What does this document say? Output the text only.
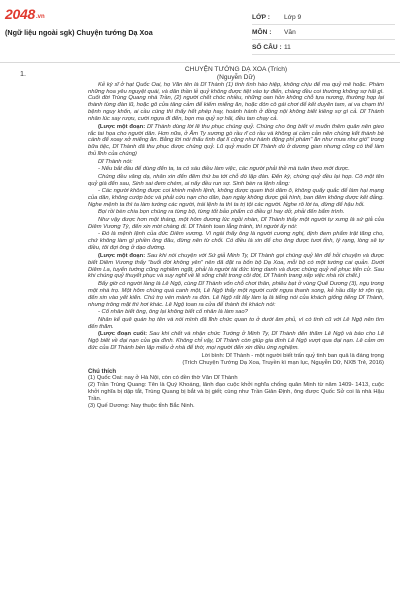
2048 .vn
(Ngữ liệu ngoài sgk) Chuyện tướng Dạ Xoa
LỚP :	Lớp 9
MÔN :	Văn
SỐ CÂU : 11
1.	CHUYỆN TƯỚNG DẠ XOA (Trích)
(Nguyễn Dữ)
Kẻ kỳ sĩ ở hạt Quốc Oai, họ Văn tên là Dĩ Thành (1) tính tình hào hiệp, không chịu để ma quỷ mê hoặc. Phàm những hoa yêu nguyệt quái, và dân thần lẻ quỷ không được tiệt vào tự điển, chàng đều coi thường không sợ hãi gì. Cuối đời Trùng Quang nhà Trần, (2) người chết chóc nhiều, những oan hồn không chỗ tựa nương, thường họp lại thành từng đàn lũ, hoặc gõ cửa tâng cảm để kiếm miếng ăn, hoặc đón cô gái chơi để kết duyên tam, ai va chạm thì bệnh nguy khốn, ai cầu cúng thì thấy hết phép hay, hoành hành ở đồng nội không biết kiêng sợ gì cả. Dĩ Thành nhân lúc say rượu, cười ngựa đi đến, bọn ma quỷ sợ hãi, đều tan chạy cả.
(Lược một đoạn: Dĩ Thành dùng lời lẽ thu phục chúng quỷ. Chúng cho ông biết vì muốn thêm quân nên gieo rắc tai họa cho người dân. Hơn nữa, ở Âm Ty xương gò rầu rĩ có rầu và không ai cầm cản nên chúng kết thành bè cánh để xoay xở miếng ăn. Bằng lời nói thấu tình đạt lí cộng như hành động phỉ phám" ăn như mưa như gió" trong bữa tiệc, Dĩ Thành đã thu phục được chúng quỷ. Lũ quỷ muốn Dĩ Thành dù ở dương gian nhưng cũng có thể làm thủ lĩnh của chúng)
Dĩ Thành nói:
- Nếu bắt đầu để dùng đến ta, ta có sáu điều làm việc, các người phải thề mà tuân theo mới được.
Chúng đều vâng dạ, nhân xin đến đêm thứ ba tới chỗ đó lập đàn. Đến kỳ, chúng quỷ đều lại họp. Cô một tên quỷ già đến sau, Sinh sai đem chém, ai nấy đều run sợ. Sinh bèn ra lệnh rằng:
- Các người không được coi khinh mệnh lệnh, không được quen thói dâm ô, không quấy quắc để làm hại mạng của dân, không cướp bóc và phải cứu nạn cho dân, bạn ngày không được giả hình, ban đêm không được kết đảng. Nghe mệnh ta thì ta làm tướng các người, trái lệnh ta thì ta trị tội các người. Nghe rõ lời ta, đừng để hậu hối.
Bọi rồi bèn chia bọn chúng ra từng bộ, từng tốt bảo phẩm có điều gì hay dở, phải đến bẩm trình.
Như vậy được hơn một tháng, một hôm đương lúc ngồi nhàn, Dĩ Thành thấy một người tự xưng là sứ giả của Diêm Vương Tỳ, đến xin mời chàng đi. Dĩ Thành toan lẳng tránh, thì người ấy nói:
- Đó là mệnh lệnh của đức Diêm vương. Vì ngài thấy ông là người cương nghị, định đem phẩm trật tăng cho, chứ không làm gì phiền ông đâu, đừng nên từ chối. Có điều là xin để cho ông được tươi tỉnh, lý rạng, lòng sẽ tự điều, tôi đợi ông ở dạo đường.
(Lược một đoạn: Sau khi nói chuyện với Sứ giả Minh Ty, Dĩ Thành gọi chúng quỷ lên để hỏi chuyện và được biết Diêm Vương thấy "buổi đời không yên" nên đã đặt ra bốn bộ Dạ Xoa, mỗi bộ có một tướng cai quản. Dưới Diêm La, tuyển tướng cũng nghiêm ngặt, phải là người tài đức từng danh và được chúng quỷ nể phục tiến cử. Sau khi chúng quỷ thuyết phục và suy nghĩ về lẽ sống chết trong cõi đời, Dĩ Thành trang xếp việc nhà rồi chết.)
Bấy giờ có người làng là Lê Ngộ, cùng Dĩ Thành vốn chỗ chơi thân, phiêu bạt ở vùng Quế Dương (3), ngụ trong một nhà trọ. Một hôm chúng quá canh một, Lê Ngộ thấy một người cưỡi ngựa thanh song, kẻ hầu đây tớ rộn rịp, đến xin vào yết kiến. Chú trọ vén mành ra đón. Lê Ngộ rất lấy làm lạ là tiếng nói của khách giống tiếng Dĩ Thành, nhưng trông mặt thì hơi khác. Lê Ngộ toan ra cửa để thành thì khách nói:
- Cố nhân biết ông, ông lại không biết cố nhân là làm sao?
Nhân kể quê quán họ tên và nói mình đã lĩnh chức quan to ở dưới âm phủ, vì có tình cũ với Lê Ngộ nên tìm đến thăm.
(Lược đoạn cuối: Sau khi chết và nhận chức Tướng ở Minh Ty, Dĩ Thành đến thăm Lê Ngộ và báo cho Lê Ngộ biết về đại nạn của gia đình. Không chỉ vậy, Dĩ Thành còn giúp gia đình Lê Ngộ vượt qua đại nạn. Lê cảm ơn đức của Dĩ Thành bèn lập miếu ở nhà để thờ, mọi người đến xin điều ứng nghiệm.
Lời bình: Dĩ Thành - một người biết trấn quỷ tinh ban quả là đáng trọng
(Trích Chuyện Tướng Dạ Xoa, Truyền kì mạn lục, Nguyễn Dữ, NXB Trẻ, 2016)
Chú thích
(1) Quốc Oai: nay ở Hà Nội, còn có đền thờ Văn Dĩ Thành
(2) Trần Trùng Quang: Tên là Quý Khoáng, lãnh đạo cuộc khởi nghĩa chống quân Minh từ năm 1409- 1413, cuộc khởi nghĩa bị dập tắt, Trùng Quang bị bắt và bị giết; cùng như Trần Giản Định, ông được Quốc Sử coi là nhà Hậu Trần.
(3) Quế Dương: Nay thuộc tỉnh Bắc Ninh.
